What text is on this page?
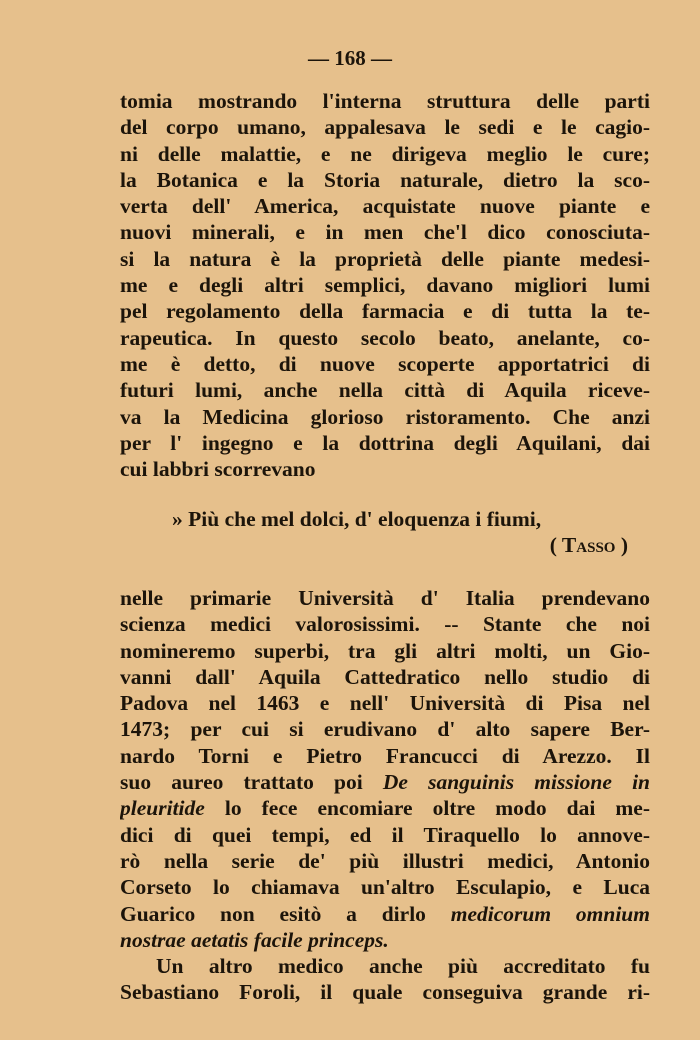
— 168 —
tomia mostrando l'interna struttura delle parti
del corpo umano, appalesava le sedi e le cagio-
ni delle malattie, e ne dirigeva meglio le cure;
la Botanica e la Storia naturale, dietro la sco-
verta dell' America, acquistate nuove piante e
nuovi minerali, e in men che'l dico conosciuta-
si la natura è la proprietà delle piante medesi-
me e degli altri semplici, davano migliori lumi
pel regolamento della farmacia e di tutta la te-
rapeutica. In questo secolo beato, anelante, co-
me è detto, di nuove scoperte apportatrici di
futuri lumi, anche nella città di Aquila riceve-
va la Medicina glorioso ristoramento. Che anzi
per l' ingegno e la dottrina degli Aquilani, dai
cui labbri scorrevano
» Più che mel dolci, d' eloquenza i fiumi,
( Tasso )
nelle primarie Università d' Italia prendevano
scienza medici valorosissimi. -- Stante che noi
nomineremo superbi, tra gli altri molti, un Gio-
vanni dall' Aquila Cattedratico nello studio di
Padova nel 1463 e nell' Università di Pisa nel
1473; per cui si erudivano d' alto sapere Ber-
nardo Torni e Pietro Francucci di Arezzo. Il
suo aureo trattato poi De sanguinis missione in
pleuritide lo fece encomiare oltre modo dai me-
dici di quei tempi, ed il Tiraquello lo annove-
rò nella serie de' più illustri medici, Antonio
Corseto lo chiamava un'altro Esculapio, e Luca
Guarico non esitò a dirlo medicorum omnium
nostrae aetatis facile princeps.
Un altro medico anche più accreditato fu
Sebastiano Foroli, il quale conseguiva grande ri-
